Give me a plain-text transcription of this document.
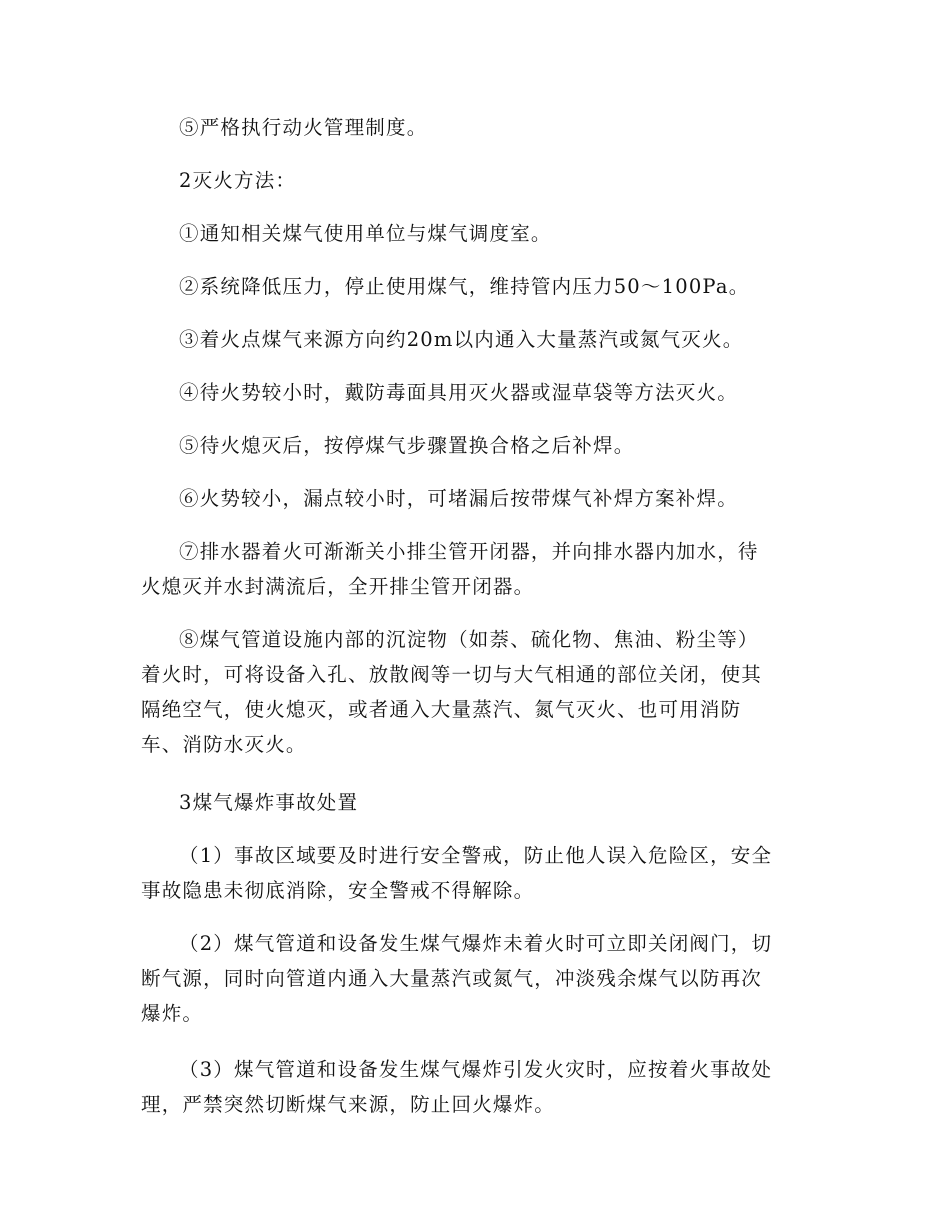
⑤严格执行动火管理制度。

2灭火方法：

①通知相关煤气使用单位与煤气调度室。

②系统降低压力，停止使用煤气，维持管内压力50～100Pa。

③着火点煤气来源方向约20m以内通入大量蒸汽或氮气灭火。

④待火势较小时，戴防毒面具用灭火器或湿草袋等方法灭火。

⑤待火熄灭后，按停煤气步骤置换合格之后补焊。

⑥火势较小，漏点较小时，可堵漏后按带煤气补焊方案补焊。

⑦排水器着火可渐渐关小排尘管开闭器，并向排水器内加水，待
火熄灭并水封满流后，全开排尘管开闭器。

⑧煤气管道设施内部的沉淀物（如萘、硫化物、焦油、粉尘等）
着火时，可将设备入孔、放散阀等一切与大气相通的部位关闭，使其
隔绝空气，使火熄灭，或者通入大量蒸汽、氮气灭火、也可用消防
车、消防水灭火。

3煤气爆炸事故处置

（1）事故区域要及时进行安全警戒，防止他人误入危险区，安全
事故隐患未彻底消除，安全警戒不得解除。

（2）煤气管道和设备发生煤气爆炸未着火时可立即关闭阀门，切
断气源，同时向管道内通入大量蒸汽或氮气，冲淡残余煤气以防再次
爆炸。

（3）煤气管道和设备发生煤气爆炸引发火灾时，应按着火事故处
理，严禁突然切断煤气来源，防止回火爆炸。
